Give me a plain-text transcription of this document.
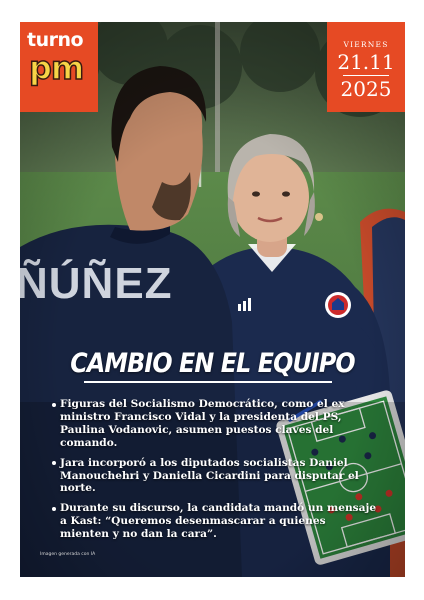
turno
pm
VIERNES
21.11
2025
CAMBIO EN EL EQUIPO
Figuras del Socialismo Democrático, como el ex ministro Francisco Vidal y la presidenta del PS, Paulina Vodanovic, asumen puestos claves del comando.
Jara incorporó a los diputados socialistas Daniel Manouchehri y Daniella Cicardini para disputar el norte.
Durante su discurso, la candidata mandó un mensaje a Kast: “Queremos desenmascarar a quienes mienten y no dan la cara”.
Imagen generada con IA
